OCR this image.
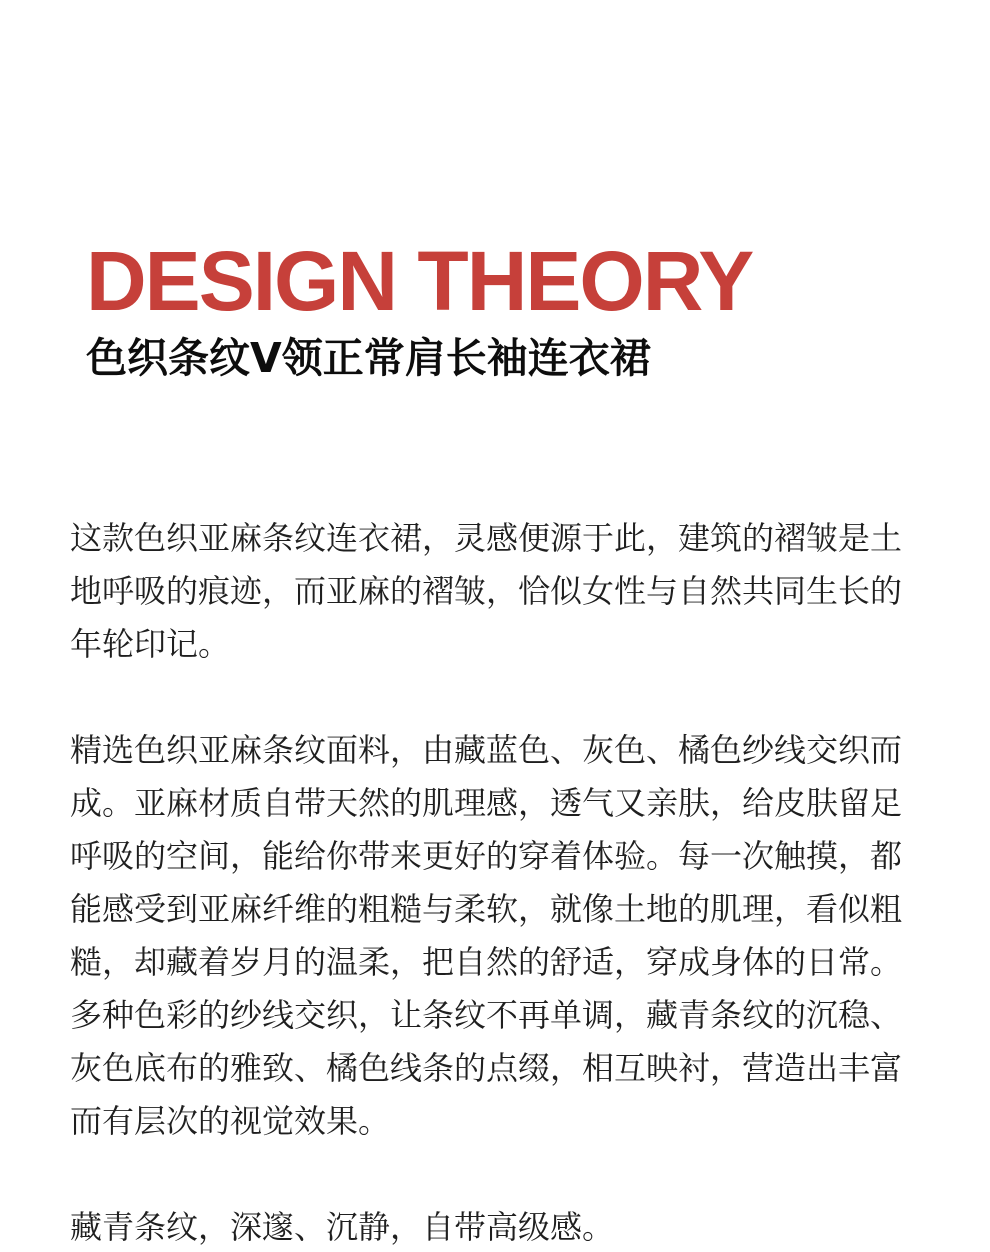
DESIGN THEORY
色织条纹V领正常肩长袖连衣裙

这款色织亚麻条纹连衣裙，灵感便源于此，建筑的褶皱是土地呼吸的痕迹，而亚麻的褶皱，恰似女性与自然共同生长的年轮印记。

精选色织亚麻条纹面料，由藏蓝色、灰色、橘色纱线交织而成。亚麻材质自带天然的肌理感，透气又亲肤，给皮肤留足呼吸的空间，能给你带来更好的穿着体验。每一次触摸，都能感受到亚麻纤维的粗糙与柔软，就像土地的肌理，看似粗糙，却藏着岁月的温柔，把自然的舒适，穿成身体的日常。多种色彩的纱线交织，让条纹不再单调，藏青条纹的沉稳、灰色底布的雅致、橘色线条的点缀，相互映衬，营造出丰富而有层次的视觉效果。

藏青条纹，深邃、沉静，自带高级感。
